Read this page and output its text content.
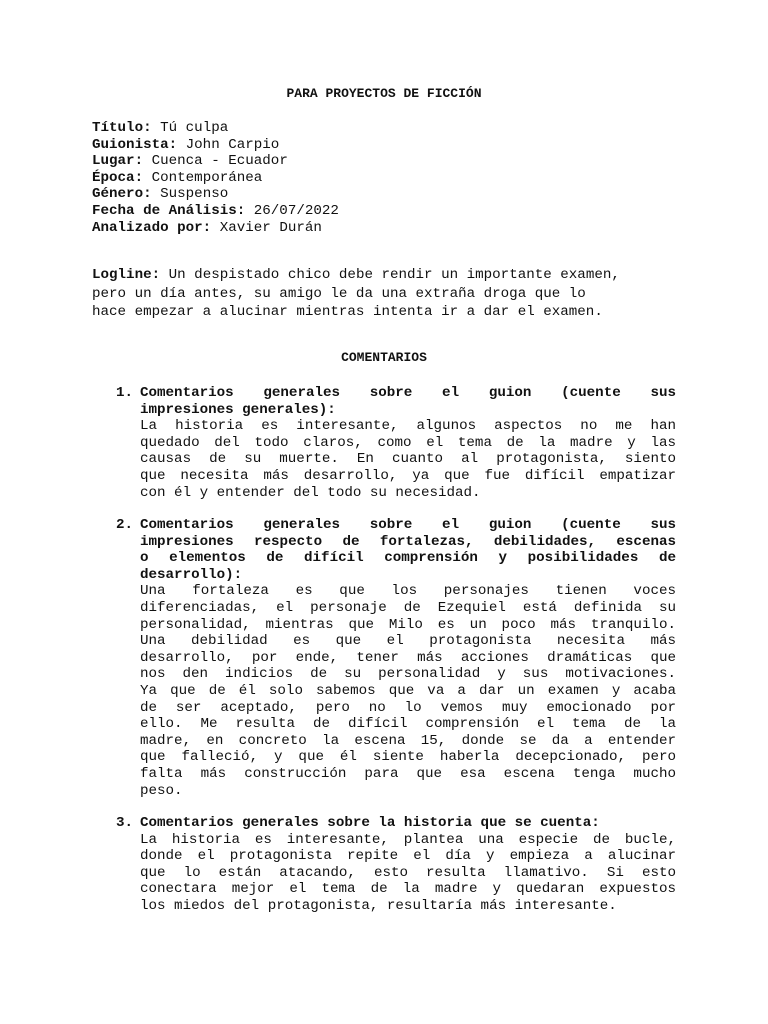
PARA PROYECTOS DE FICCIÓN
Título: Tú culpa
Guionista: John Carpio
Lugar: Cuenca - Ecuador
Época: Contemporánea
Género: Suspenso
Fecha de Análisis: 26/07/2022
Analizado por: Xavier Durán
Logline: Un despistado chico debe rendir un importante examen,
pero un día antes, su amigo le da una extraña droga que lo
hace empezar a alucinar mientras intenta ir a dar el examen.
COMENTARIOS
1. Comentarios generales sobre el guion (cuente sus
impresiones generales):
La historia es interesante, algunos aspectos no me han
quedado del todo claros, como el tema de la madre y las
causas de su muerte. En cuanto al protagonista, siento
que necesita más desarrollo, ya que fue difícil empatizar
con él y entender del todo su necesidad.
2. Comentarios generales sobre el guion (cuente sus
impresiones respecto de fortalezas, debilidades, escenas
o elementos de difícil comprensión y posibilidades de
desarrollo):
Una fortaleza es que los personajes tienen voces
diferenciadas, el personaje de Ezequiel está definida su
personalidad, mientras que Milo es un poco más tranquilo.
Una debilidad es que el protagonista necesita más
desarrollo, por ende, tener más acciones dramáticas que
nos den indicios de su personalidad y sus motivaciones.
Ya que de él solo sabemos que va a dar un examen y acaba
de ser aceptado, pero no lo vemos muy emocionado por
ello. Me resulta de difícil comprensión el tema de la
madre, en concreto la escena 15, donde se da a entender
que falleció, y que él siente haberla decepcionado, pero
falta más construcción para que esa escena tenga mucho
peso.
3. Comentarios generales sobre la historia que se cuenta:
La historia es interesante, plantea una especie de bucle,
donde el protagonista repite el día y empieza a alucinar
que lo están atacando, esto resulta llamativo. Si esto
conectara mejor el tema de la madre y quedaran expuestos
los miedos del protagonista, resultaría más interesante.
